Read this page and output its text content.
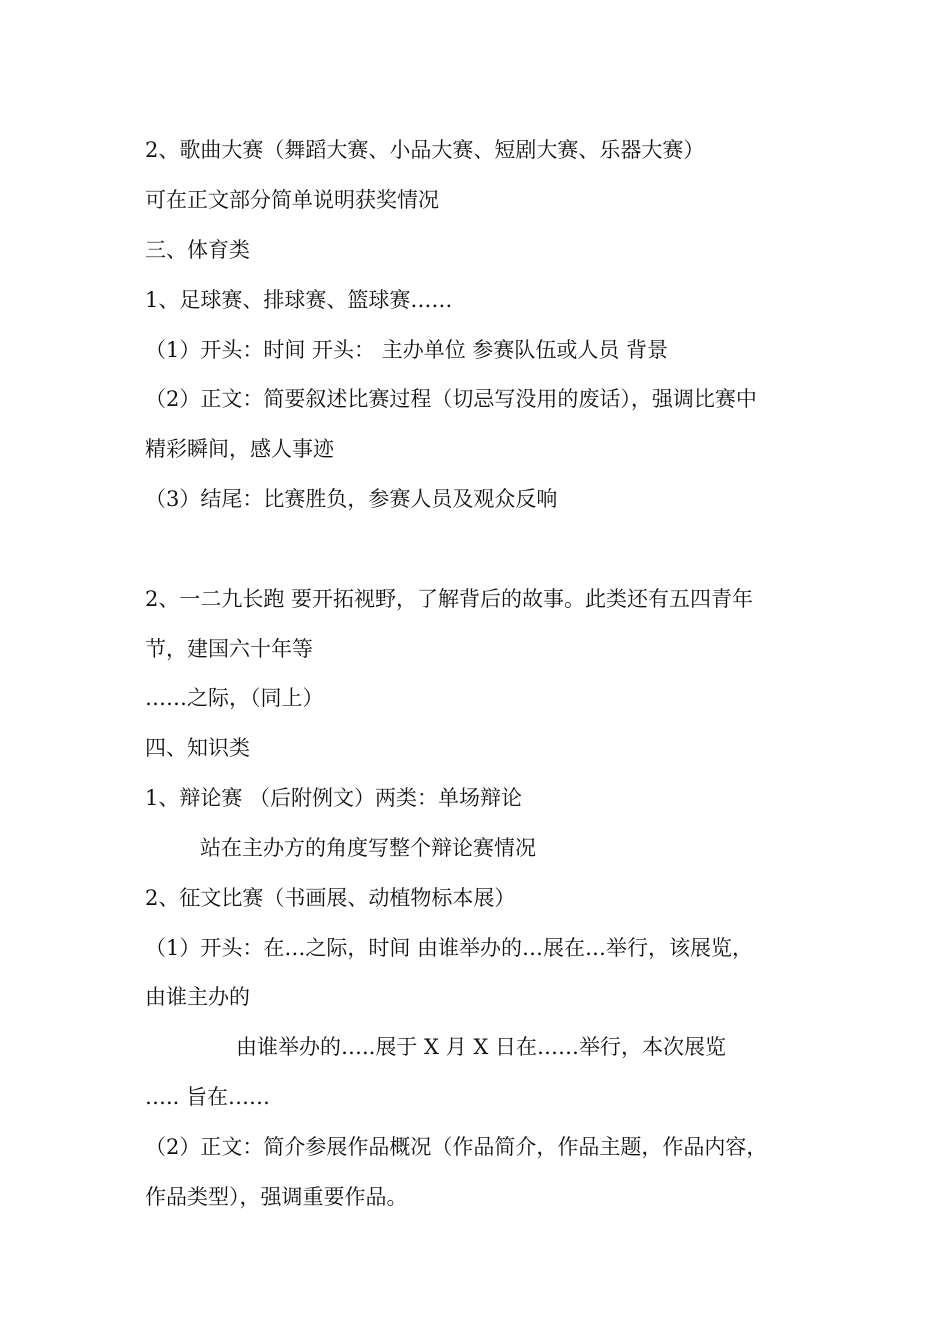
2、歌曲大赛（舞蹈大赛、小品大赛、短剧大赛、乐器大赛）
可在正文部分简单说明获奖情况
三、体育类
1、足球赛、排球赛、篮球赛……
（1）开头：时间 开头： 主办单位 参赛队伍或人员 背景
（2）正文：简要叙述比赛过程（切忌写没用的废话），强调比赛中
精彩瞬间，感人事迹
（3）结尾：比赛胜负，参赛人员及观众反响
2、一二九长跑 要开拓视野，了解背后的故事。此类还有五四青年
节，建国六十年等
……之际，（同上）
四、知识类
1、辩论赛 （后附例文）两类：单场辩论
站在主办方的角度写整个辩论赛情况
2、征文比赛（书画展、动植物标本展）
（1）开头：在…之际，时间 由谁举办的…展在…举行，该展览，
由谁主办的
由谁举办的…..展于 X 月 X 日在……举行，本次展览
….. 旨在……
（2）正文：简介参展作品概况（作品简介，作品主题，作品内容，
作品类型），强调重要作品。
